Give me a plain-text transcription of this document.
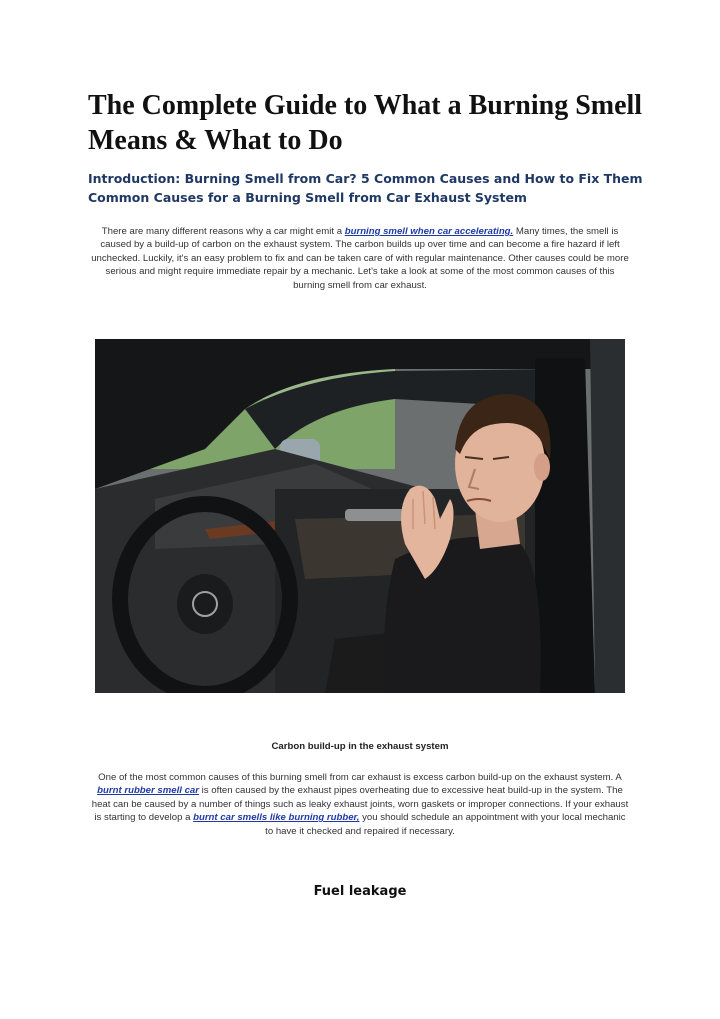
The Complete Guide to What a Burning Smell Means & What to Do
Introduction: Burning Smell from Car? 5 Common Causes and How to Fix Them
Common Causes for a Burning Smell from Car Exhaust System

There are many different reasons why a car might emit a burning smell when car accelerating. Many times, the smell is caused by a build-up of carbon on the exhaust system. The carbon builds up over time and can become a fire hazard if left unchecked. Luckily, it's an easy problem to fix and can be taken care of with regular maintenance. Other causes could be more serious and might require immediate repair by a mechanic. Let's take a look at some of the most common causes of this burning smell from car exhaust.

Carbon build-up in the exhaust system

One of the most common causes of this burning smell from car exhaust is excess carbon build-up on the exhaust system. A burnt rubber smell car is often caused by the exhaust pipes overheating due to excessive heat build-up in the system. The heat can be caused by a number of things such as leaky exhaust joints, worn gaskets or improper connections. If your exhaust is starting to develop a burnt car smells like burning rubber, you should schedule an appointment with your local mechanic to have it checked and repaired if necessary.

Fuel leakage
